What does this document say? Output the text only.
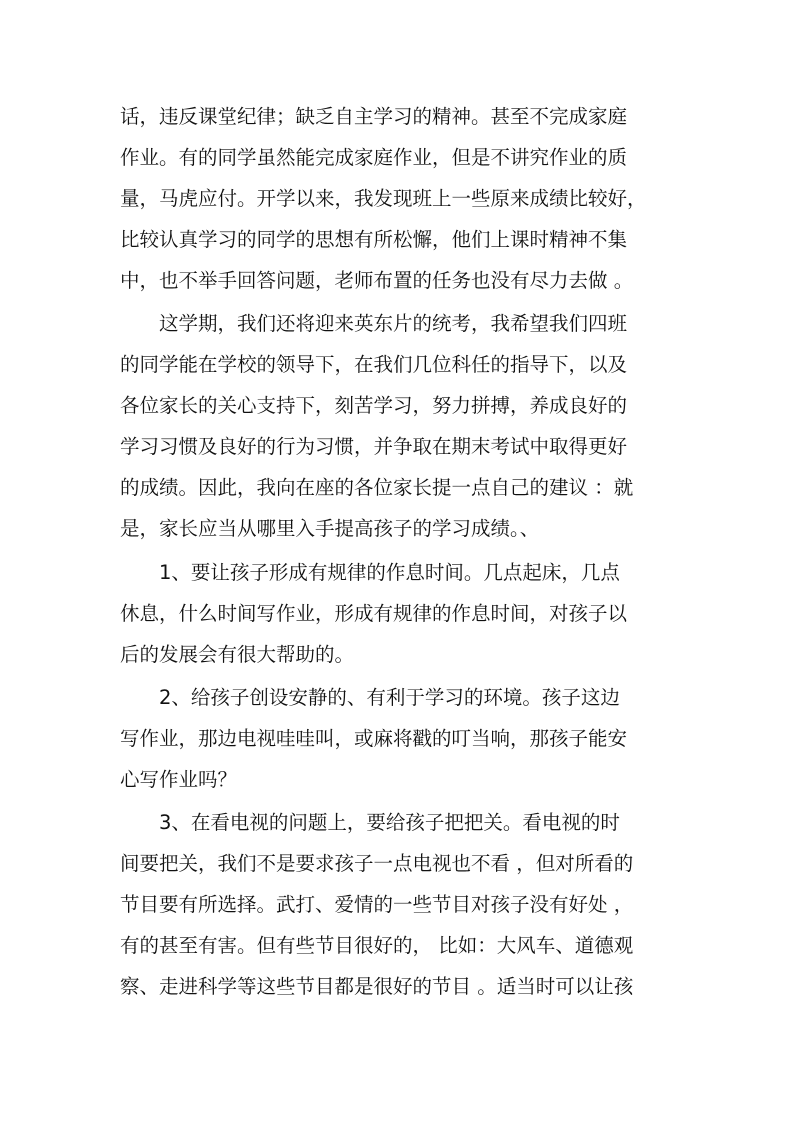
话，违反课堂纪律；缺乏自主学习的精神。甚至不完成家庭

作业。有的同学虽然能完成家庭作业，但是不讲究作业的质

量，马虎应付。开学以来，我发现班上一些原来成绩比较好，

比较认真学习的同学的思想有所松懈，他们上课时精神不集

中，也不举手回答问题，老师布置的任务也没有尽力去做 。

这学期，我们还将迎来英东片的统考，我希望我们四班

的同学能在学校的领导下，在我们几位科任的指导下，以及

各位家长的关心支持下，刻苦学习，努力拼搏，养成良好的

学习习惯及良好的行为习惯，并争取在期末考试中取得更好

的成绩。因此，我向在座的各位家长提一点自己的建议 ：就

是，家长应当从哪里入手提高孩子的学习成绩。、

1、要让孩子形成有规律的作息时间。几点起床，几点

休息，什么时间写作业，形成有规律的作息时间，对孩子以

后的发展会有很大帮助的。

2、给孩子创设安静的、有利于学习的环境。孩子这边

写作业，那边电视哇哇叫，或麻将戳的叮当响，那孩子能安

心写作业吗？

3、在看电视的问题上，要给孩子把把关。看电视的时

间要把关，我们不是要求孩子一点电视也不看 ，但对所看的

节目要有所选择。武打、爱情的一些节目对孩子没有好处 ，

有的甚至有害。但有些节目很好的， 比如：大风车、道德观

察、走进科学等这些节目都是很好的节目 。适当时可以让孩
